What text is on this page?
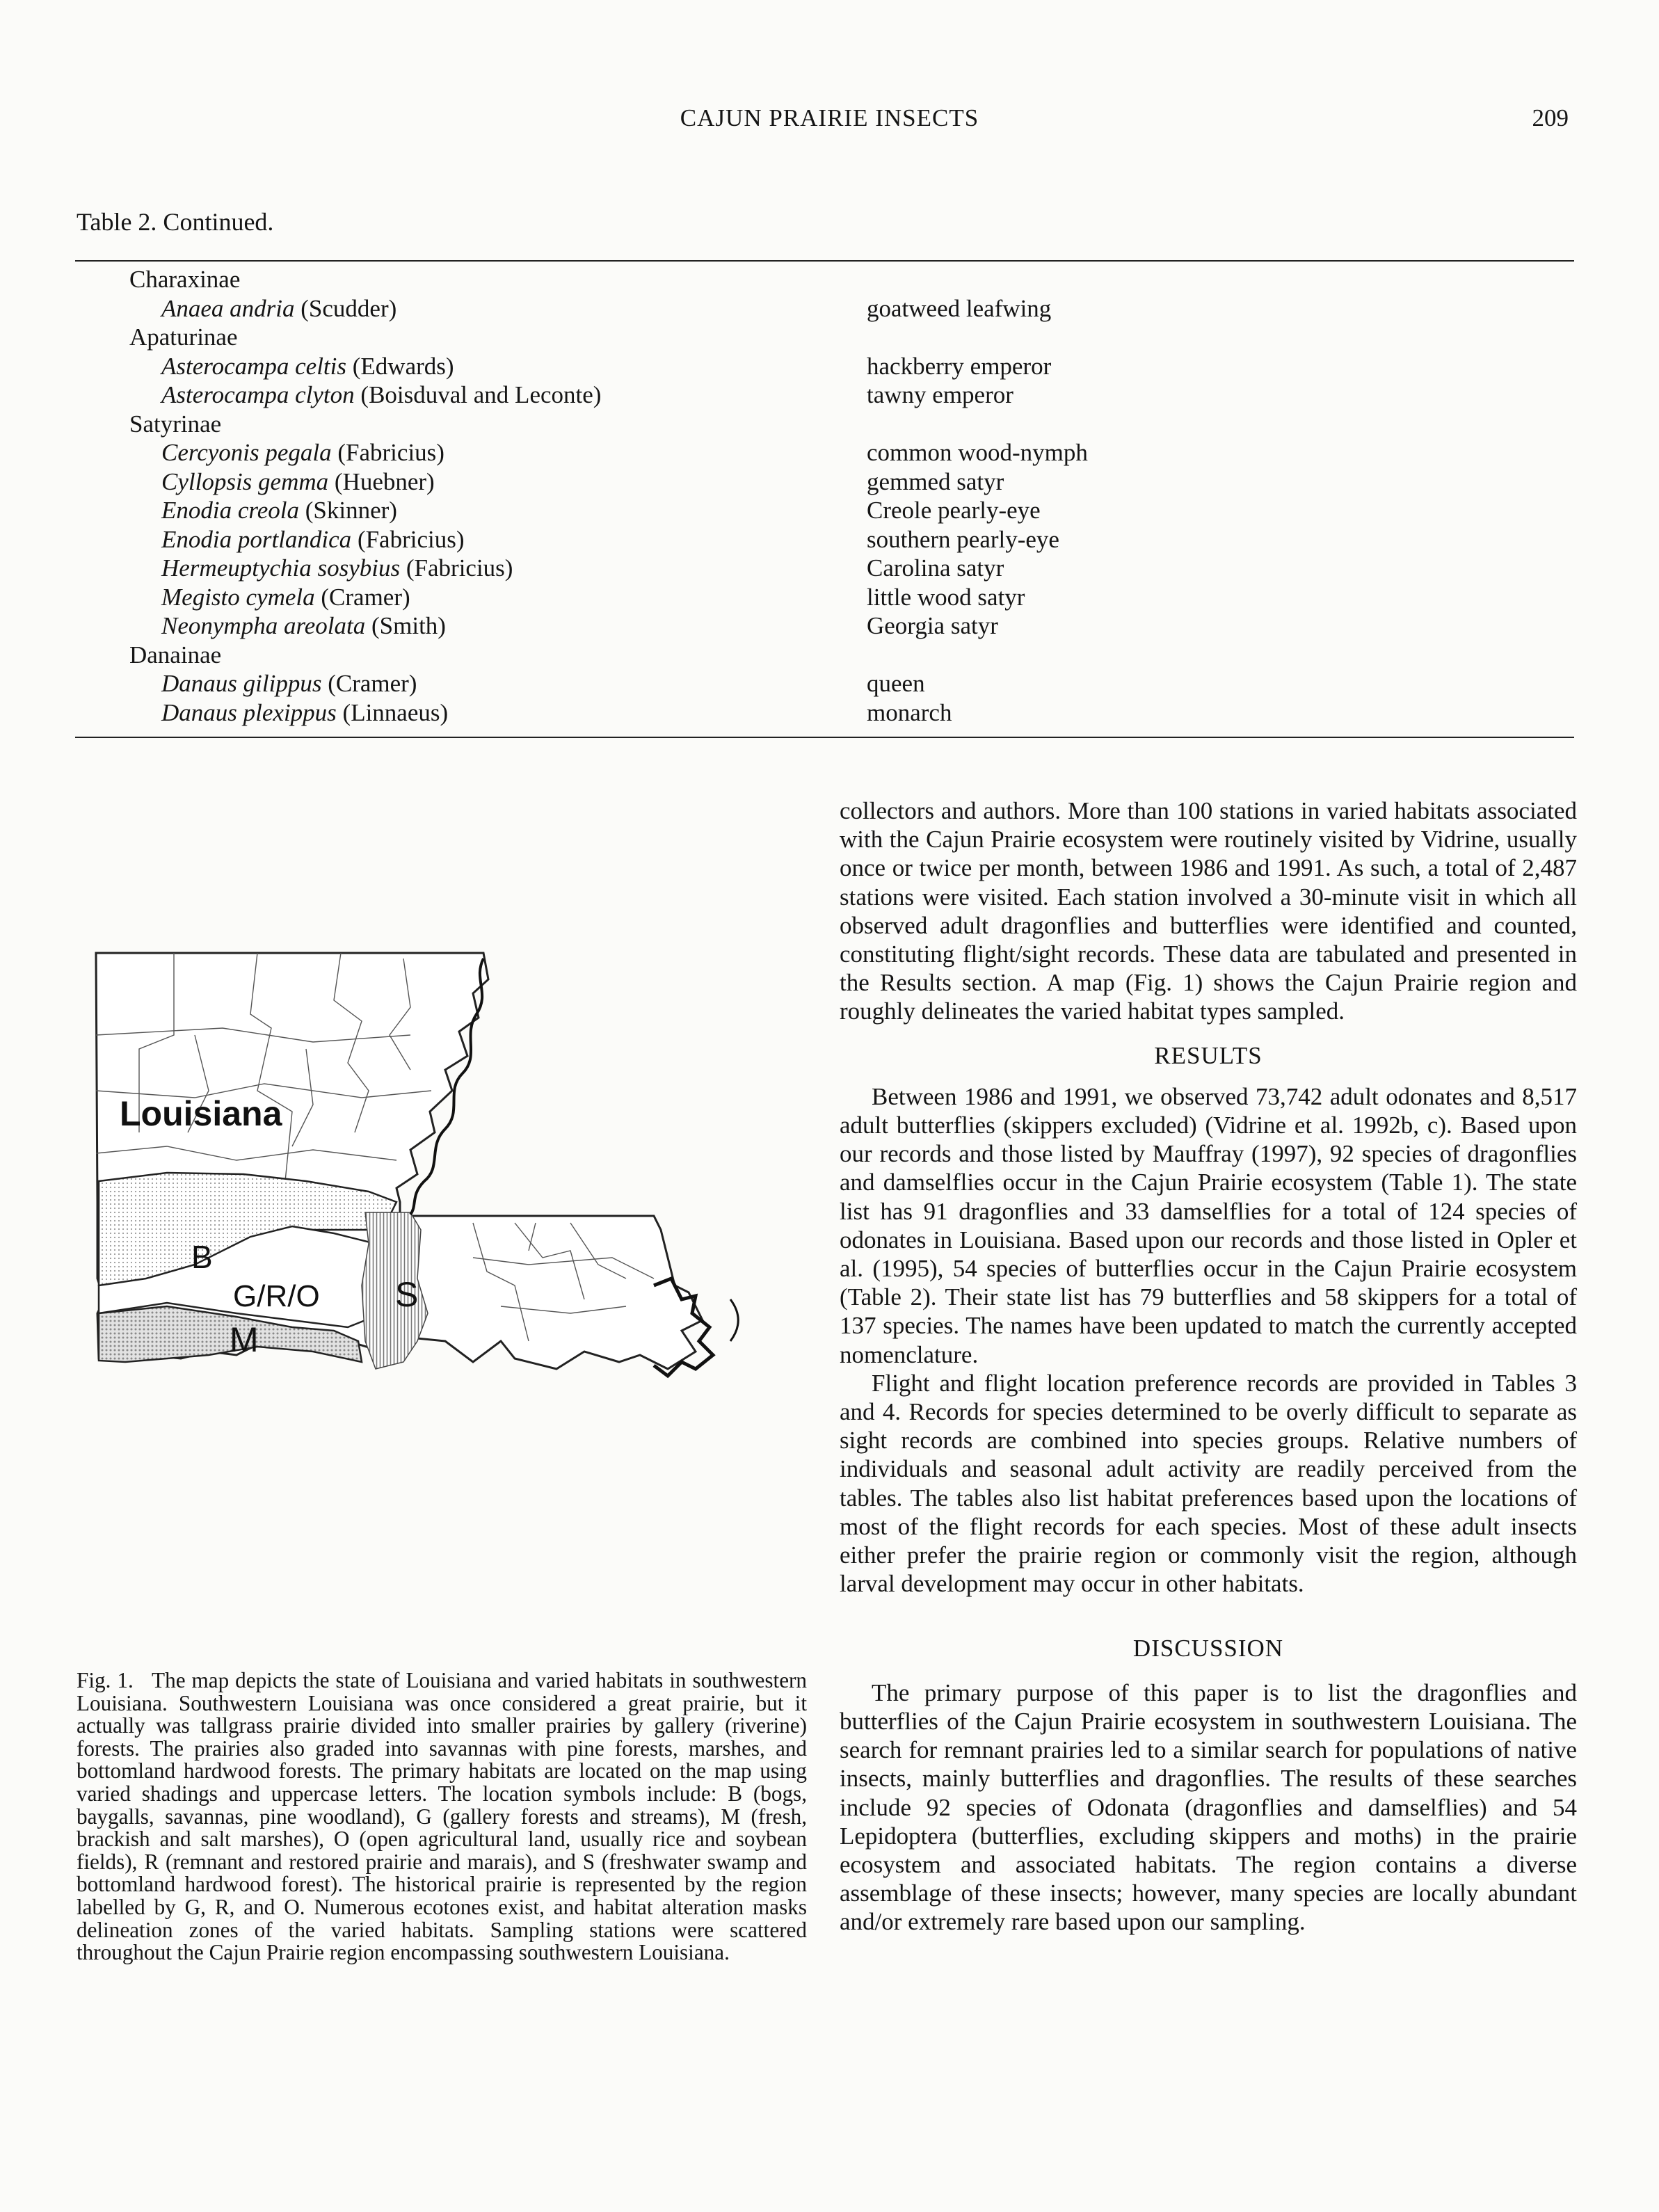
CAJUN PRAIRIE INSECTS	209
Table 2. Continued.
Charaxinae
Anaea andria (Scudder)	goatweed leafwing
Apaturinae
Asterocampa celtis (Edwards)	hackberry emperor
Asterocampa clyton (Boisduval and Leconte)	tawny emperor
Satyrinae
Cercyonis pegala (Fabricius)	common wood-nymph
Cyllopsis gemma (Huebner)	gemmed satyr
Enodia creola (Skinner)	Creole pearly-eye
Enodia portlandica (Fabricius)	southern pearly-eye
Hermeuptychia sosybius (Fabricius)	Carolina satyr
Megisto cymela (Cramer)	little wood satyr
Neonympha areolata (Smith)	Georgia satyr
Danainae
Danaus gilippus (Cramer)	queen
Danaus plexippus (Linnaeus)	monarch
Louisiana
B
G/R/O S
M

Fig. 1. The map depicts the state of Louisiana and varied habitats in southwestern Louisiana. Southwestern Louisiana was once considered a great prairie, but it actually was tallgrass prairie divided into smaller prairies by gallery (riverine) forests. The prairies also graded into savannas with pine forests, marshes, and bottomland hardwood forests. The primary habitats are located on the map using varied shadings and uppercase letters. The location symbols include: B (bogs, baygalls, savannas, pine woodland), G (gallery forests and streams), M (fresh, brackish and salt marshes), O (open agricultural land, usually rice and soybean fields), R (remnant and restored prairie and marais), and S (freshwater swamp and bottomland hardwood forest). The historical prairie is represented by the region labelled by G, R, and O. Numerous ecotones exist, and habitat alteration masks delineation zones of the varied habitats. Sampling stations were scattered throughout the Cajun Prairie region encompassing southwestern Louisiana.

collectors and authors. More than 100 stations in varied habitats associated with the Cajun Prairie ecosystem were routinely visited by Vidrine, usually once or twice per month, between 1986 and 1991. As such, a total of 2,487 stations were visited. Each station involved a 30-minute visit in which all observed adult dragonflies and butterflies were identified and counted, constituting flight/sight records. These data are tabulated and presented in the Results section. A map (Fig. 1) shows the Cajun Prairie region and roughly delineates the varied habitat types sampled.

RESULTS

Between 1986 and 1991, we observed 73,742 adult odonates and 8,517 adult butterflies (skippers excluded) (Vidrine et al. 1992b, c). Based upon our records and those listed by Mauffray (1997), 92 species of dragonflies and damselflies occur in the Cajun Prairie ecosystem (Table 1). The state list has 91 dragonflies and 33 damselflies for a total of 124 species of odonates in Louisiana. Based upon our records and those listed in Opler et al. (1995), 54 species of butterflies occur in the Cajun Prairie ecosystem (Table 2). Their state list has 79 butterflies and 58 skippers for a total of 137 species. The names have been updated to match the currently accepted nomenclature.

Flight and flight location preference records are provided in Tables 3 and 4. Records for species determined to be overly difficult to separate as sight records are combined into species groups. Relative numbers of individuals and seasonal adult activity are readily perceived from the tables. The tables also list habitat preferences based upon the locations of most of the flight records for each species. Most of these adult insects either prefer the prairie region or commonly visit the region, although larval development may occur in other habitats.

DISCUSSION

The primary purpose of this paper is to list the dragonflies and butterflies of the Cajun Prairie ecosystem in southwestern Louisiana. The search for remnant prairies led to a similar search for populations of native insects, mainly butterflies and dragonflies. The results of these searches include 92 species of Odonata (dragonflies and damselflies) and 54 Lepidoptera (butterflies, excluding skippers and moths) in the prairie ecosystem and associated habitats. The region contains a diverse assemblage of these insects; however, many species are locally abundant and/or extremely rare based upon our sampling.
